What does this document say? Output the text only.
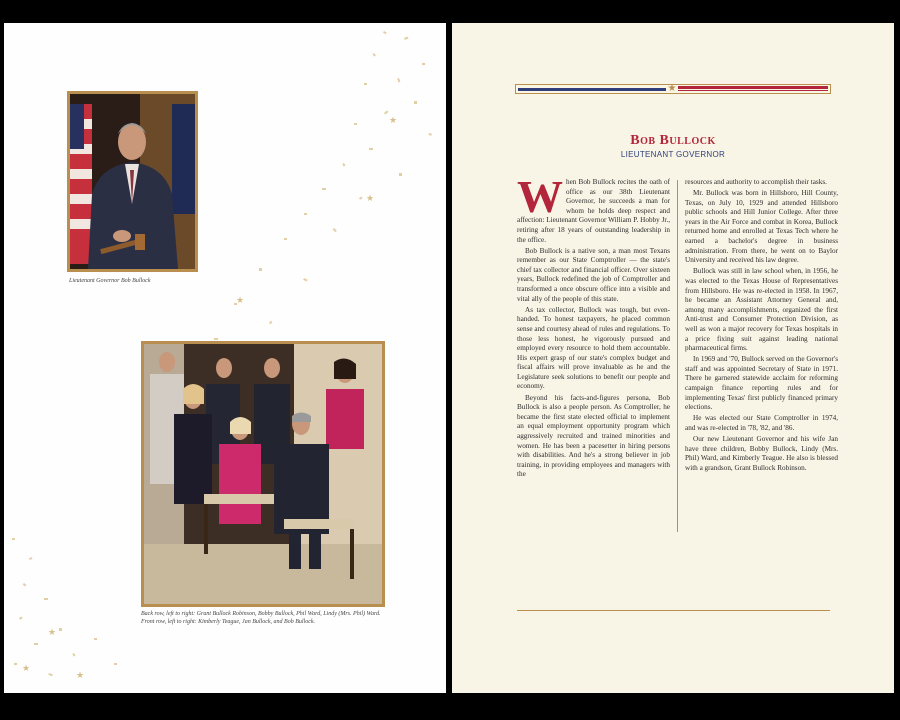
★
★
★
★
★
★
Lieutenant Governor Bob Bullock
Back row, left to right: Grant Bullock Robinson, Bobby Bullock, Phil Ward, Lindy (Mrs. Phil) Ward.
Front row, left to right: Kimberly Teague, Jan Bullock, and Bob Bullock.
★
Bob Bullock
LIEUTENANT GOVERNOR

When Bob Bullock recites the oath of office as our 38th Lieutenant Governor, he succeeds a man for whom he holds deep respect and affection: Lieutenant Governor William P. Hobby Jr., retiring after 18 years of outstanding leadership in the office.

Bob Bullock is a native son, a man most Texans remember as our State Comptroller — the state's chief tax collector and financial officer. Over sixteen years, Bullock redefined the job of Comptroller and transformed a once obscure office into a visible and vital ally of the people of this state.

As tax collector, Bullock was tough, but even-handed. To honest taxpayers, he placed common sense and courtesy ahead of rules and regulations. To those less honest, he vigorously pursued and employed every resource to hold them accountable. His expert grasp of our state's complex budget and fiscal affairs will prove invaluable as he and the Legislature seek solutions to benefit our people and economy.

Beyond his facts-and-figures persona, Bob Bullock is also a people person. As Comptroller, he became the first state elected official to implement an equal employment opportunity program which aggressively recruited and trained minorities and women. He has been a pacesetter in hiring persons with disabilities. And he's a strong believer in job training, in providing employees and managers with the

resources and authority to accomplish their tasks.

Mr. Bullock was born in Hillsboro, Hill County, Texas, on July 10, 1929 and attended Hillsboro public schools and Hill Junior College. After three years in the Air Force and combat in Korea, Bullock returned home and enrolled at Texas Tech where he earned a bachelor's degree in business administration. From there, he went on to Baylor University and received his law degree.

Bullock was still in law school when, in 1956, he was elected to the Texas House of Representatives from Hillsboro. He was re-elected in 1958. In 1967, he became an Assistant Attorney General and, among many accomplishments, organized the first Anti-trust and Consumer Protection Division, as well as won a major recovery for Texas hospitals in a price fixing suit against leading national pharmaceutical firms.

In 1969 and '70, Bullock served on the Governor's staff and was appointed Secretary of State in 1971. There he garnered statewide acclaim for reforming campaign finance reporting rules and for implementing Texas' first publicly financed primary elections.

He was elected our State Comptroller in 1974, and was re-elected in '78, '82, and '86.

Our new Lieutenant Governor and his wife Jan have three children, Bobby Bullock, Lindy (Mrs. Phil) Ward, and Kimberly Teague. He also is blessed with a grandson, Grant Bullock Robinson.
